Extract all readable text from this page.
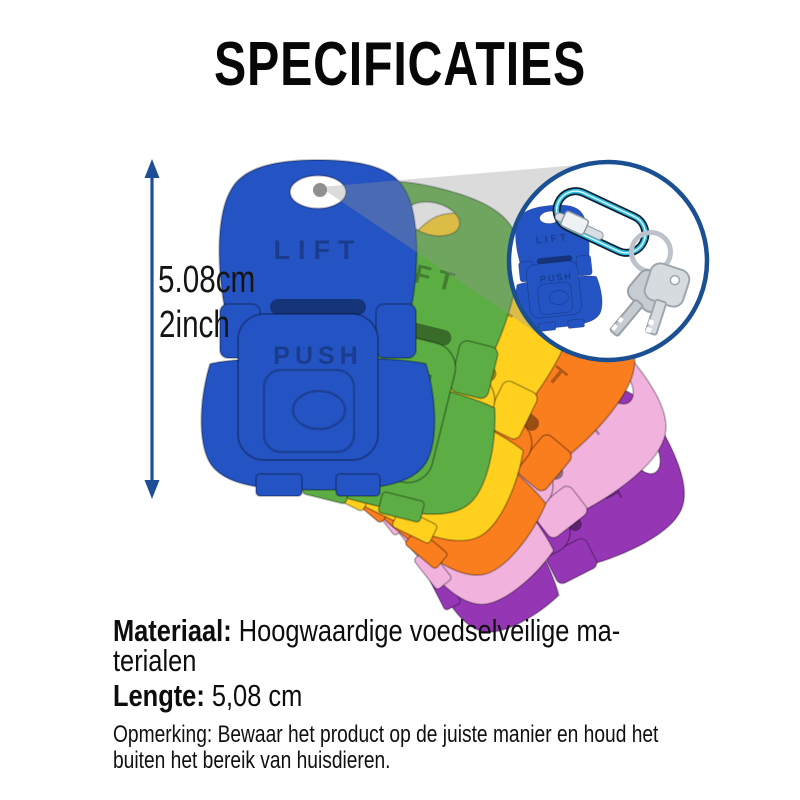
LIFT
PUSH
SPECIFICATIES
5.08cm
2inch
Materiaal: Hoogwaardige voedselveilige ma-
terialen
Lengte: 5,08 cm
Opmerking: Bewaar het product op de juiste manier en houd het
buiten het bereik van huisdieren.
